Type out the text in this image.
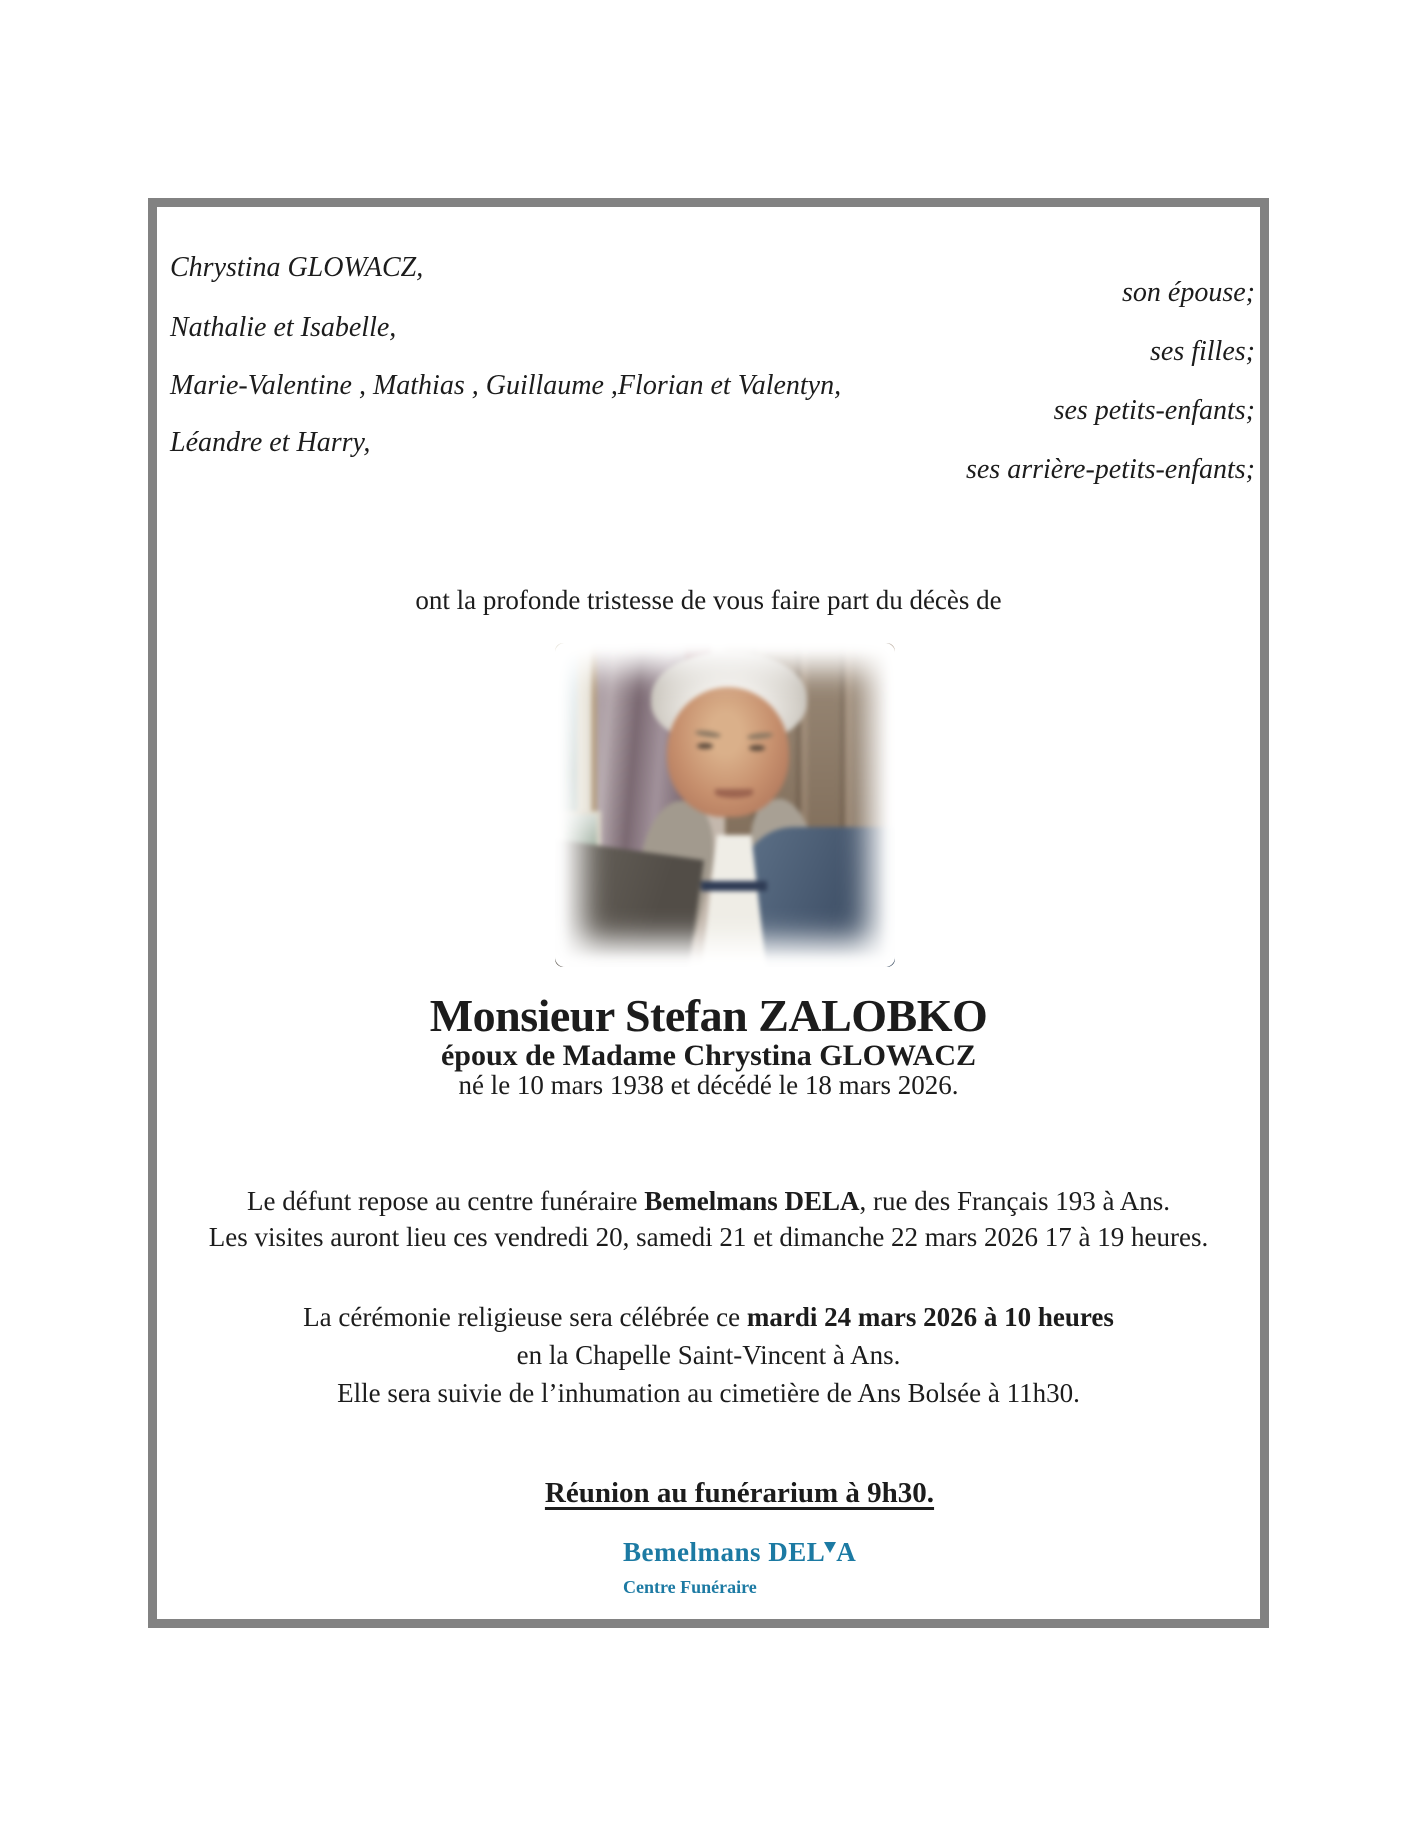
Chrystina GLOWACZ,
son épouse;
Nathalie et Isabelle,
ses filles;
Marie-Valentine , Mathias , Guillaume ,Florian et Valentyn,
ses petits-enfants;
Léandre et Harry,
ses arrière-petits-enfants;
ont la profonde tristesse de vous faire part du décès de
Monsieur Stefan ZALOBKO
époux de Madame Chrystina GLOWACZ
né le 10 mars 1938 et décédé le 18 mars 2026.
Le défunt repose au centre funéraire Bemelmans DELA, rue des Français 193 à Ans.
Les visites auront lieu ces vendredi 20, samedi 21 et dimanche 22 mars 2026 17 à 19 heures.
La cérémonie religieuse sera célébrée ce mardi 24 mars 2026 à 10 heures
en la Chapelle Saint-Vincent à Ans.
Elle sera suivie de l’inhumation au cimetière de Ans Bolsée à 11h30.
Réunion au funérarium à 9h30.
Bemelmans DEL A
Centre Funéraire
